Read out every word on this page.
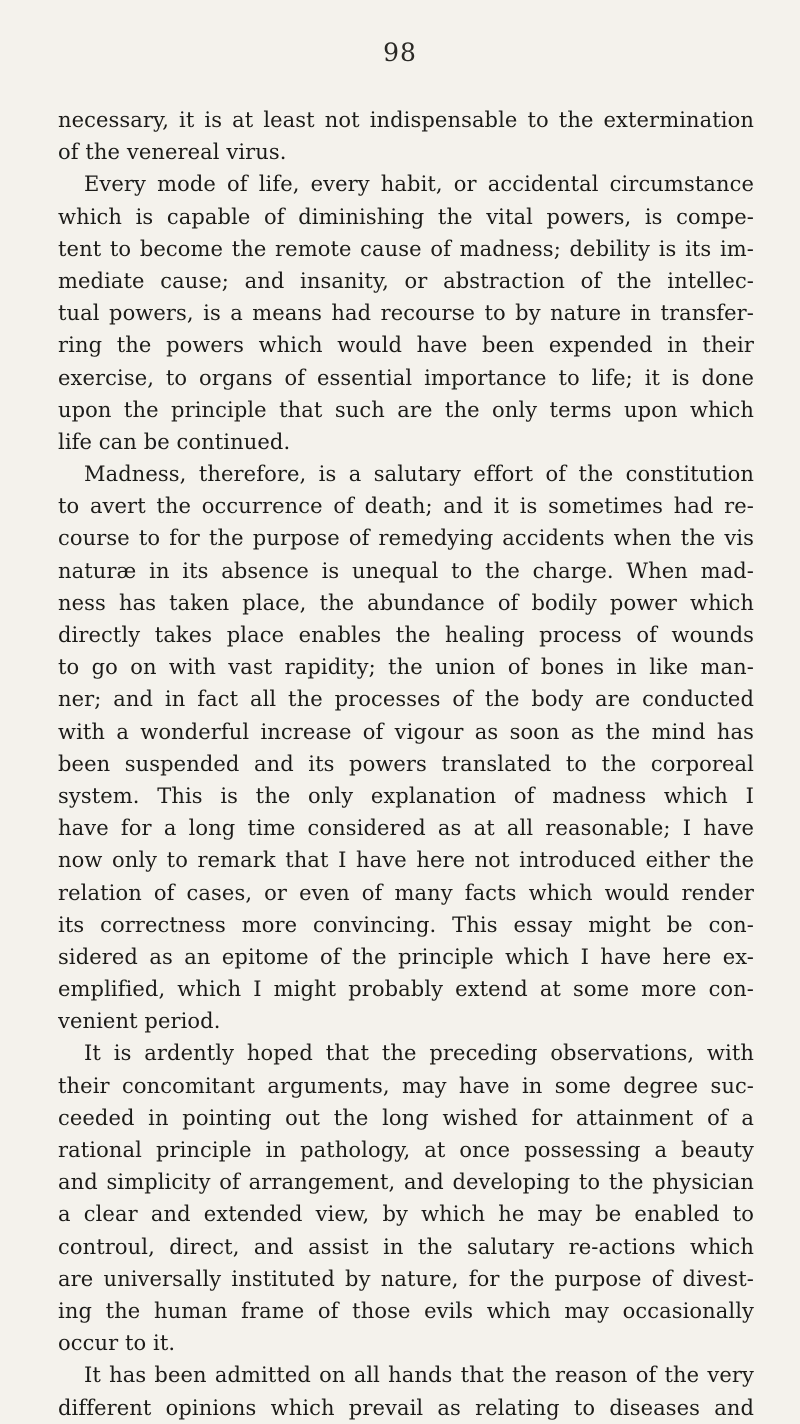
98
necessary, it is at least not indispensable to the extermination
of the venereal virus.
Every mode of life, every habit, or accidental circumstance
which is capable of diminishing the vital powers, is compe-
tent to become the remote cause of madness; debility is its im-
mediate cause; and insanity, or abstraction of the intellec-
tual powers, is a means had recourse to by nature in transfer-
ring the powers which would have been expended in their
exercise, to organs of essential importance to life; it is done
upon the principle that such are the only terms upon which
life can be continued.
Madness, therefore, is a salutary effort of the constitution
to avert the occurrence of death; and it is sometimes had re-
course to for the purpose of remedying accidents when the vis
naturæ in its absence is unequal to the charge. When mad-
ness has taken place, the abundance of bodily power which
directly takes place enables the healing process of wounds
to go on with vast rapidity; the union of bones in like man-
ner; and in fact all the processes of the body are conducted
with a wonderful increase of vigour as soon as the mind has
been suspended and its powers translated to the corporeal
system. This is the only explanation of madness which I
have for a long time considered as at all reasonable; I have
now only to remark that I have here not introduced either the
relation of cases, or even of many facts which would render
its correctness more convincing. This essay might be con-
sidered as an epitome of the principle which I have here ex-
emplified, which I might probably extend at some more con-
venient period.
It is ardently hoped that the preceding observations, with
their concomitant arguments, may have in some degree suc-
ceeded in pointing out the long wished for attainment of a
rational principle in pathology, at once possessing a beauty
and simplicity of arrangement, and developing to the physician
a clear and extended view, by which he may be enabled to
controul, direct, and assist in the salutary re-actions which
are universally instituted by nature, for the purpose of divest-
ing the human frame of those evils which may occasionally
occur to it.
It has been admitted on all hands that the reason of the very
different opinions which prevail as relating to diseases and
